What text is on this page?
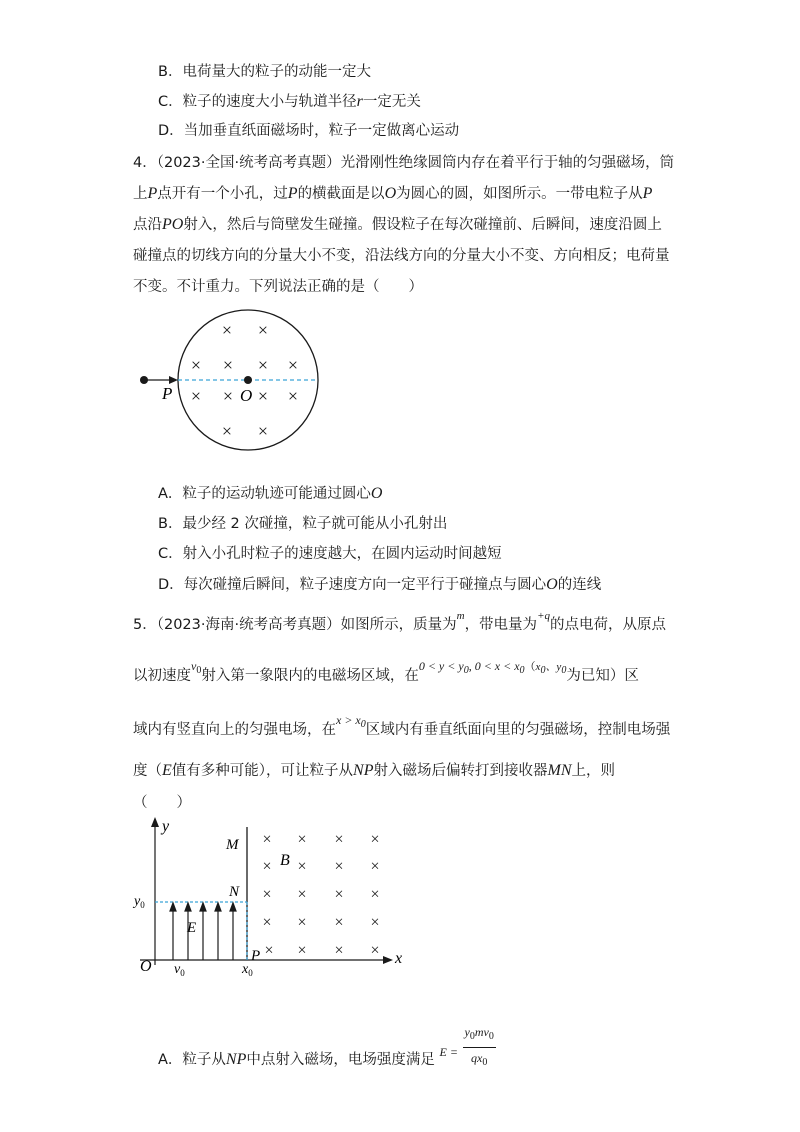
B．电荷量大的粒子的动能一定大
C．粒子的速度大小与轨道半径r一定无关
D．当加垂直纸面磁场时，粒子一定做离心运动
4．（2023·全国·统考高考真题）光滑刚性绝缘圆筒内存在着平行于轴的匀强磁场，筒
上P点开有一个小孔，过P的横截面是以O为圆心的圆，如图所示。一带电粒子从P
点沿PO射入，然后与筒壁发生碰撞。假设粒子在每次碰撞前、后瞬间，速度沿圆上
碰撞点的切线方向的分量大小不变，沿法线方向的分量大小不变、方向相反；电荷量
不变。不计重力。下列说法正确的是（　　）
P	O
× ×
× × × ×
× × × ×
× ×
A．粒子的运动轨迹可能通过圆心O
B．最少经 2 次碰撞，粒子就可能从小孔射出
C．射入小孔时粒子的速度越大，在圆内运动时间越短
D．每次碰撞后瞬间，粒子速度方向一定平行于碰撞点与圆心O的连线
5．（2023·海南·统考高考真题）如图所示，质量为$^m$，带电量为$^{+q}$的点电荷，从原点
以初速度$^{v0}$射入第一象限内的电磁场区域，在$^{0 < y < y_0, 0 < x < x_0(x0、y0}$为已知）区
域内有竖直向上的匀强电场，在$^{x > x_0}$区域内有垂直纸面向里的匀强磁场，控制电场强
度（E值有多种可能），可让粒子从NP射入磁场后偏转打到接收器MN上，则
（　　）
y
x
O
M
N
P
B
$y_0$
$x_0$
$v_0$
E
× × × ×
× × × ×
× × × ×
× × × ×
× × × ×
A．粒子从NP中点射入磁场，电场强度满足 $^{E =} \frac{y_0mv_0}{qx_0}$
